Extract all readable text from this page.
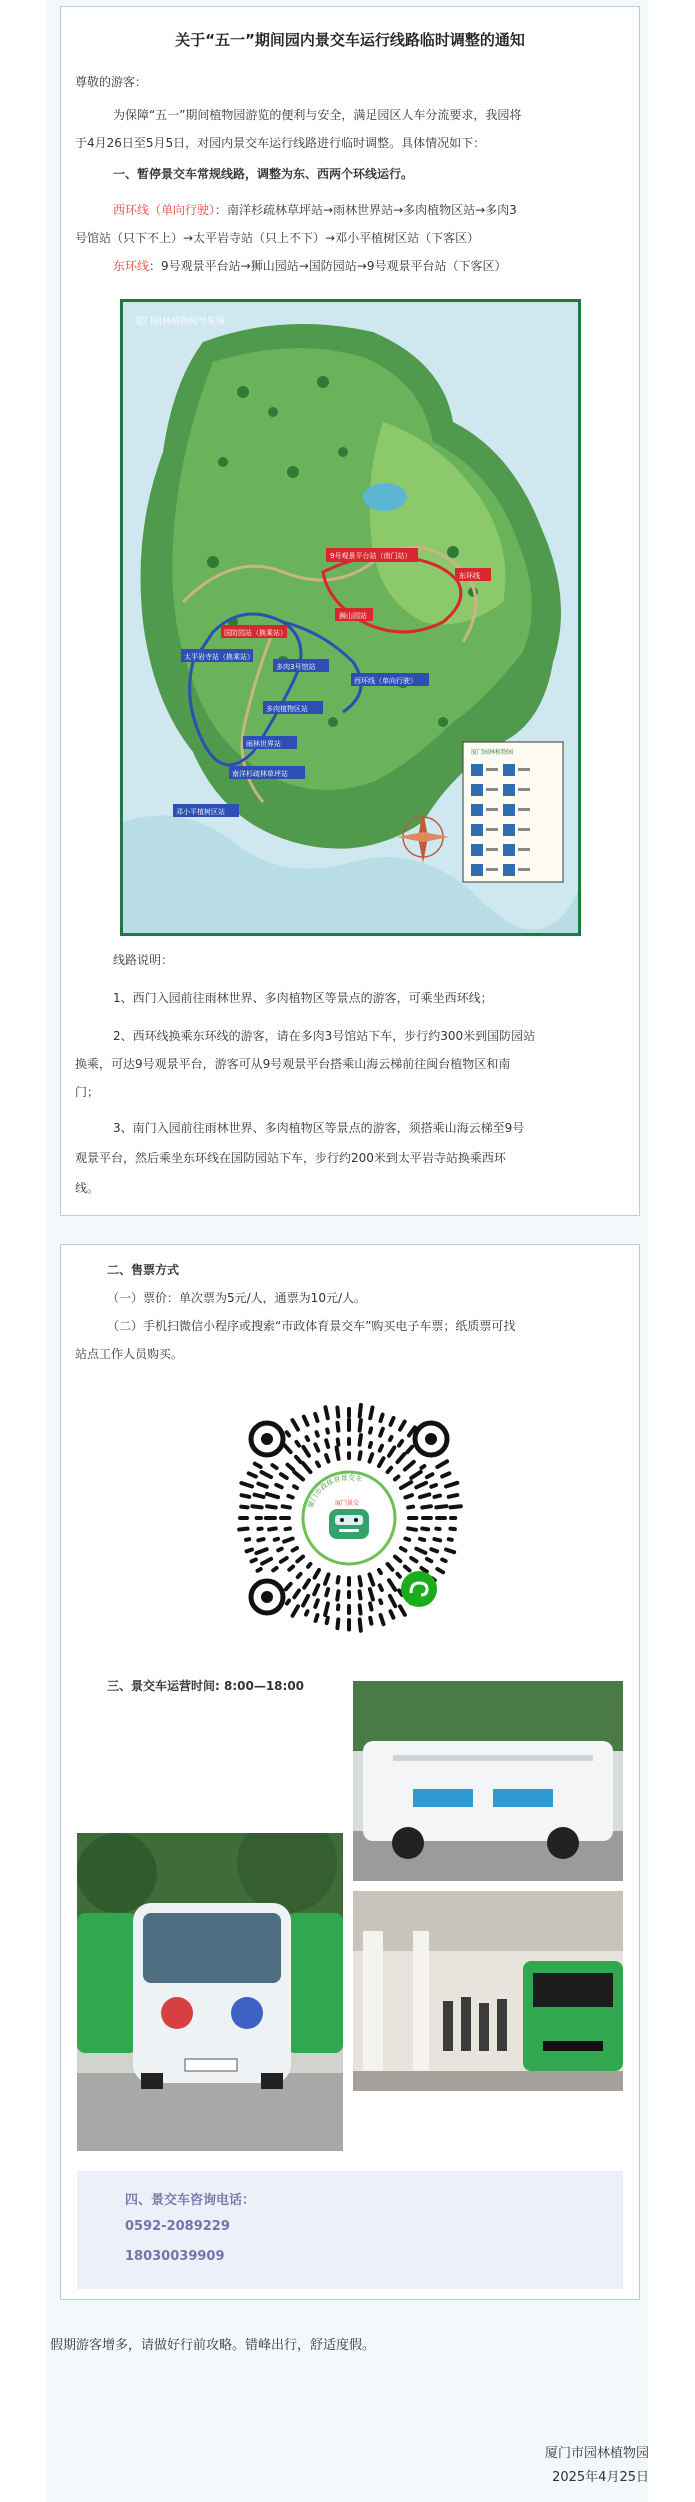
关于“五一”期间园内景交车运行线路临时调整的通知
尊敬的游客：
为保障“五一”期间植物园游览的便利与安全，满足园区人车分流要求，我园将
于4月26日至5月5日，对园内景交车运行线路进行临时调整。具体情况如下：
一、暂停景交车常规线路，调整为东、西两个环线运行。
西环线（单向行驶）：南洋杉疏林草坪站→雨林世界站→多肉植物区站→多肉3
号馆站（只下不上）→太平岩寺站（只上不下）→邓小平植树区站（下客区）
东环线：9号观景平台站→狮山园站→国防园站→9号观景平台站（下客区）
厦门园林植物园导览图
9号观景平台站（南门站）
东环线
狮山园站
国防园站（换乘站）
太平岩寺站（换乘站）
多肉3号馆站
西环线（单向行驶）
多肉植物区站
雨林世界站
南洋杉疏林草坪站
邓小平植树区站
厦门园林植物园
线路说明：
1、西门入园前往雨林世界、多肉植物区等景点的游客，可乘坐西环线；
2、西环线换乘东环线的游客，请在多肉3号馆站下车，步行约300米到国防园站
换乘，可达9号观景平台，游客可从9号观景平台搭乘山海云梯前往闽台植物区和南
门；
3、南门入园前往雨林世界、多肉植物区等景点的游客，须搭乘山海云梯至9号
观景平台，然后乘坐东环线在国防园站下车，步行约200米到太平岩寺站换乘西环
线。
二、售票方式
（一）票价：单次票为5元/人，通票为10元/人。
（二）手机扫微信小程序或搜索“市政体育景交车”购买电子车票；纸质票可找
站点工作人员购买。
厦门市政体育景交车
厦门景交
三、景交车运营时间: 8:00—18:00
四、景交车咨询电话：
0592-2089229
18030039909
假期游客增多，请做好行前攻略。错峰出行，舒适度假。
厦门市园林植物园
2025年4月25日
